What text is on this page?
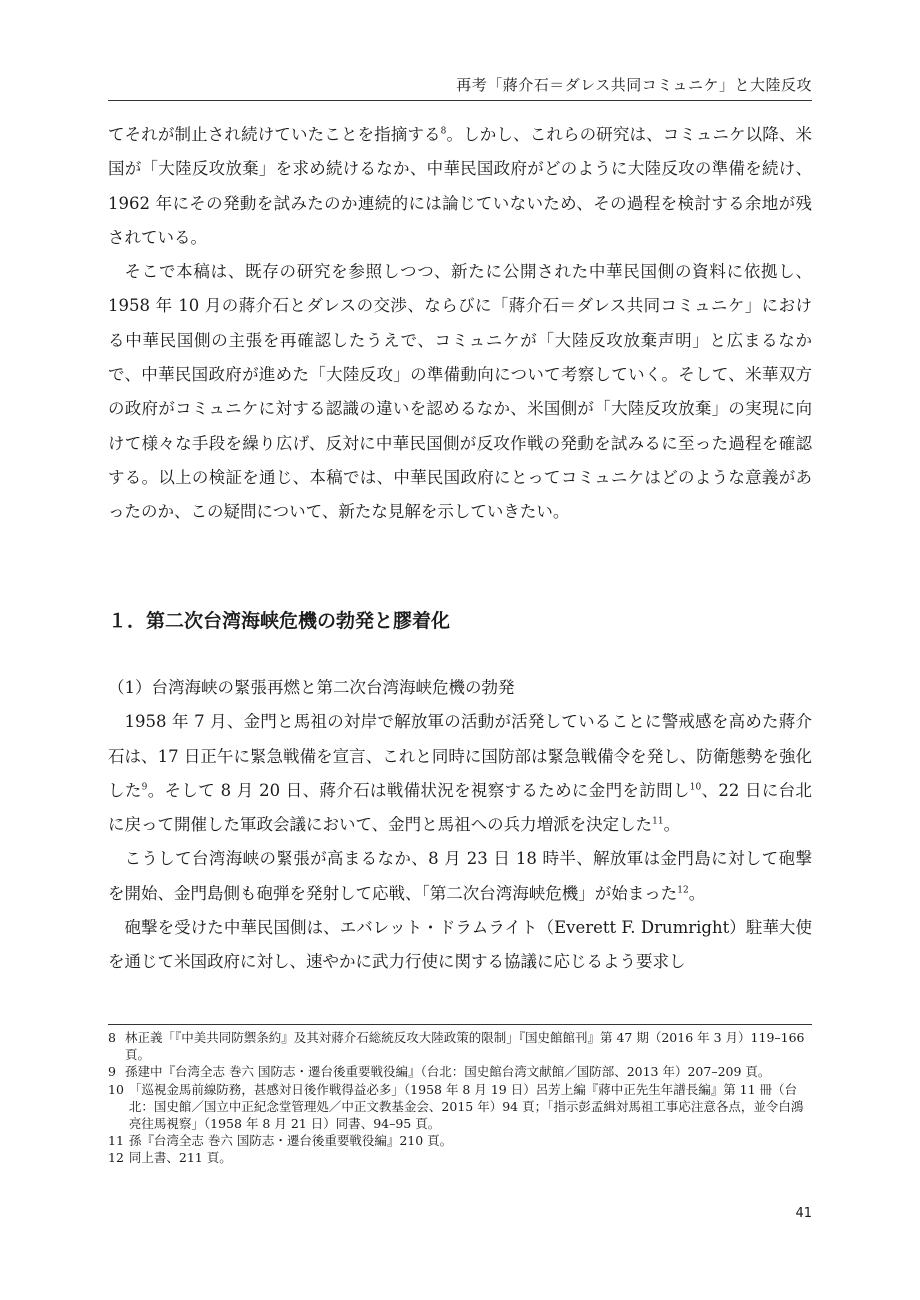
再考「蔣介石＝ダレス共同コミュニケ」と大陸反攻

てそれが制止され続けていたことを指摘する$^8$。しかし、これらの研究は、コミュニケ以降、米国が「大陸反攻放棄」を求め続けるなか、中華民国政府がどのように大陸反攻の準備を続け、1962 年にその発動を試みたのか連続的には論じていないため、その過程を検討する余地が残されている。

そこで本稿は、既存の研究を参照しつつ、新たに公開された中華民国側の資料に依拠し、1958 年 10 月の蔣介石とダレスの交渉、ならびに「蔣介石＝ダレス共同コミュニケ」における中華民国側の主張を再確認したうえで、コミュニケが「大陸反攻放棄声明」と広まるなかで、中華民国政府が進めた「大陸反攻」の準備動向について考察していく。そして、米華双方の政府がコミュニケに対する認識の違いを認めるなか、米国側が「大陸反攻放棄」の実現に向けて様々な手段を繰り広げ、反対に中華民国側が反攻作戦の発動を試みるに至った過程を確認する。以上の検証を通じ、本稿では、中華民国政府にとってコミュニケはどのような意義があったのか、この疑問について、新たな見解を示していきたい。

１．第二次台湾海峡危機の勃発と膠着化
（1）台湾海峡の緊張再燃と第二次台湾海峡危機の勃発

1958 年 7 月、金門と馬祖の対岸で解放軍の活動が活発していることに警戒感を高めた蔣介石は、17 日正午に緊急戦備を宣言、これと同時に国防部は緊急戦備令を発し、防衛態勢を強化した$^9$。そして 8 月 20 日、蔣介石は戦備状況を視察するために金門を訪問し$^{10}$、22 日に台北に戻って開催した軍政会議において、金門と馬祖への兵力増派を決定した$^{11}$。

こうして台湾海峡の緊張が高まるなか、8 月 23 日 18 時半、解放軍は金門島に対して砲撃を開始、金門島側も砲弾を発射して応戦、「第二次台湾海峡危機」が始まった$^{12}$。

砲撃を受けた中華民国側は、エバレット・ドラムライト（Everett F. Drumright）駐華大使を通じて米国政府に対し、速やかに武力行使に関する協議に応じるよう要求し

8 林正義「『中美共同防禦条約』及其対蔣介石総統反攻大陸政策的限制」『国史館館刊』第 47 期（2016 年 3 月）119–166 頁。
9 孫建中『台湾全志 巻六 国防志・遷台後重要戦役編』（台北：国史館台湾文献館／国防部、2013 年）207–209 頁。
10 「巡視金馬前線防務，甚感対日後作戦得益必多」（1958 年 8 月 19 日）呂芳上編『蔣中正先生年譜長編』第 11 冊（台北：国史館／国立中正紀念堂管理処／中正文教基金会、2015 年）94 頁；「指示彭孟緝対馬祖工事応注意各点，並令白鴻亮往馬視察」（1958 年 8 月 21 日）同書、94–95 頁。
11 孫『台湾全志 巻六 国防志・遷台後重要戦役編』210 頁。
12 同上書、211 頁。
41
